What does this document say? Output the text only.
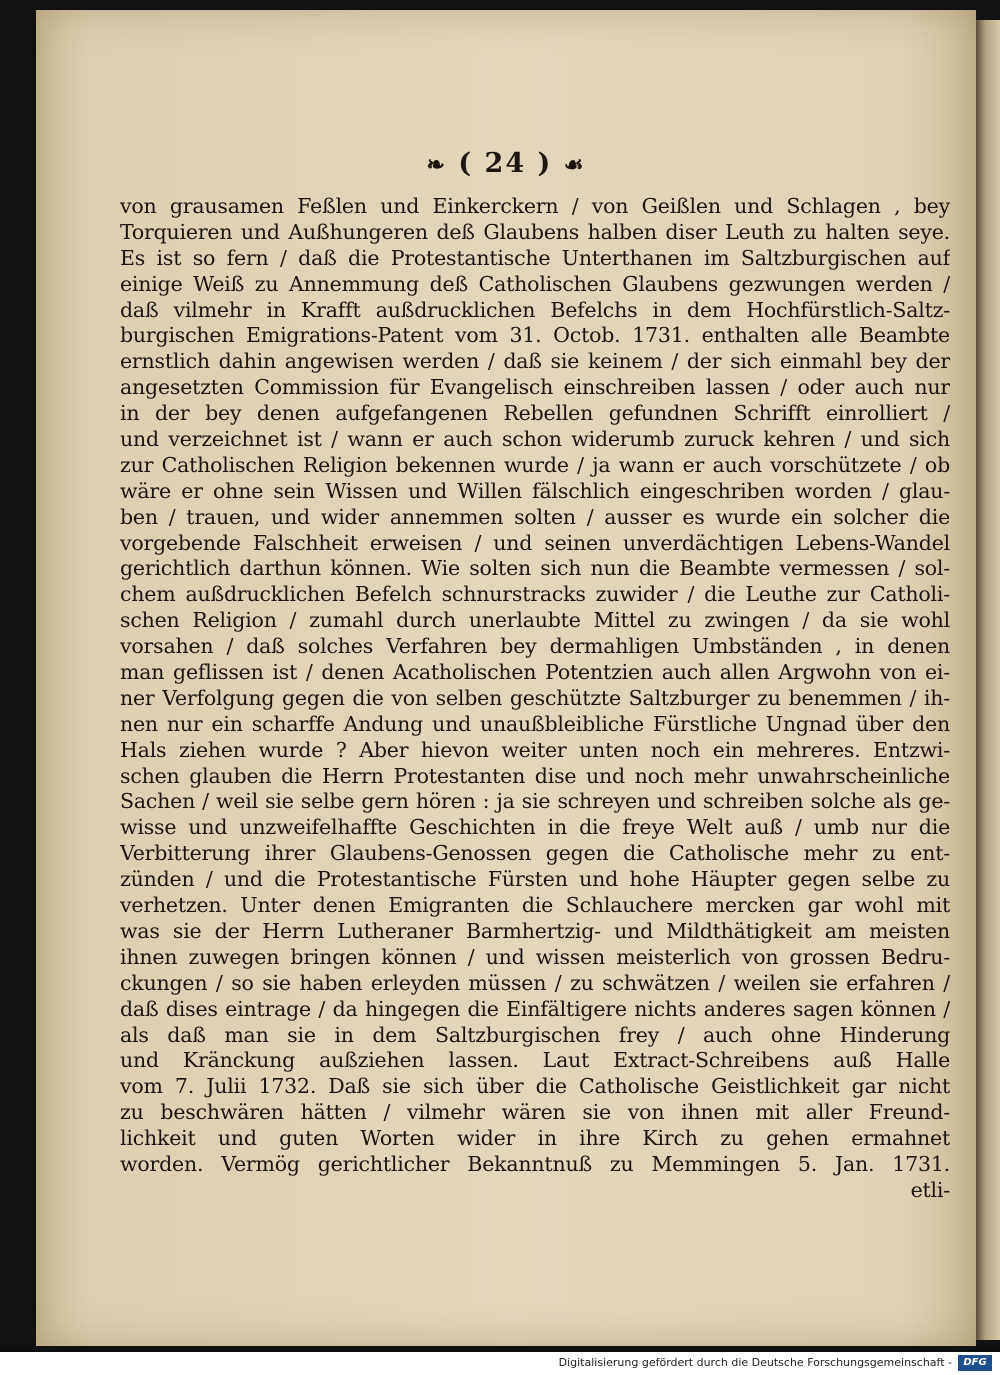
❧ ( 24 ) ☙
von grausamen Feßlen und Einkerckern / von Geißlen und Schlagen , bey
Torquieren und Außhungeren deß Glaubens halben diser Leuth zu halten seye.
Es ist so fern / daß die Protestantische Unterthanen im Saltzburgischen auf
einige Weiß zu Annemmung deß Catholischen Glaubens gezwungen werden /
daß vilmehr in Krafft außdrucklichen Befelchs in dem Hochfürstlich-Saltz-
burgischen Emigrations-Patent vom 31. Octob. 1731. enthalten alle Beambte
ernstlich dahin angewisen werden / daß sie keinem / der sich einmahl bey der
angesetzten Commission für Evangelisch einschreiben lassen / oder auch nur
in der bey denen aufgefangenen Rebellen gefundnen Schrifft einrolliert /
und verzeichnet ist / wann er auch schon widerumb zuruck kehren / und sich
zur Catholischen Religion bekennen wurde / ja wann er auch vorschützete / ob
wäre er ohne sein Wissen und Willen fälschlich eingeschriben worden / glau-
ben / trauen, und wider annemmen solten / ausser es wurde ein solcher die
vorgebende Falschheit erweisen / und seinen unverdächtigen Lebens-Wandel
gerichtlich darthun können. Wie solten sich nun die Beambte vermessen / sol-
chem außdrucklichen Befelch schnurstracks zuwider / die Leuthe zur Catholi-
schen Religion / zumahl durch unerlaubte Mittel zu zwingen / da sie wohl
vorsahen / daß solches Verfahren bey dermahligen Umbständen , in denen
man geflissen ist / denen Acatholischen Potentzien auch allen Argwohn von ei-
ner Verfolgung gegen die von selben geschützte Saltzburger zu benemmen / ih-
nen nur ein scharffe Andung und unaußbleibliche Fürstliche Ungnad über den
Hals ziehen wurde ? Aber hievon weiter unten noch ein mehreres. Entzwi-
schen glauben die Herrn Protestanten dise und noch mehr unwahrscheinliche
Sachen / weil sie selbe gern hören : ja sie schreyen und schreiben solche als ge-
wisse und unzweifelhaffte Geschichten in die freye Welt auß / umb nur die
Verbitterung ihrer Glaubens-Genossen gegen die Catholische mehr zu ent-
zünden / und die Protestantische Fürsten und hohe Häupter gegen selbe zu
verhetzen. Unter denen Emigranten die Schlauchere mercken gar wohl mit
was sie der Herrn Lutheraner Barmhertzig- und Mildthätigkeit am meisten
ihnen zuwegen bringen können / und wissen meisterlich von grossen Bedru-
ckungen / so sie haben erleyden müssen / zu schwätzen / weilen sie erfahren /
daß dises eintrage / da hingegen die Einfältigere nichts anderes sagen können /
als daß man sie in dem Saltzburgischen frey / auch ohne Hinderung
und Kränckung außziehen lassen. Laut Extract-Schreibens auß Halle
vom 7. Julii 1732. Daß sie sich über die Catholische Geistlichkeit gar nicht
zu beschwären hätten / vilmehr wären sie von ihnen mit aller Freund-
lichkeit und guten Worten wider in ihre Kirch zu gehen ermahnet
worden. Vermög gerichtlicher Bekanntnuß zu Memmingen 5. Jan. 1731.
etli-
Digitalisierung gefördert durch die Deutsche Forschungsgemeinschaft -	DFG
